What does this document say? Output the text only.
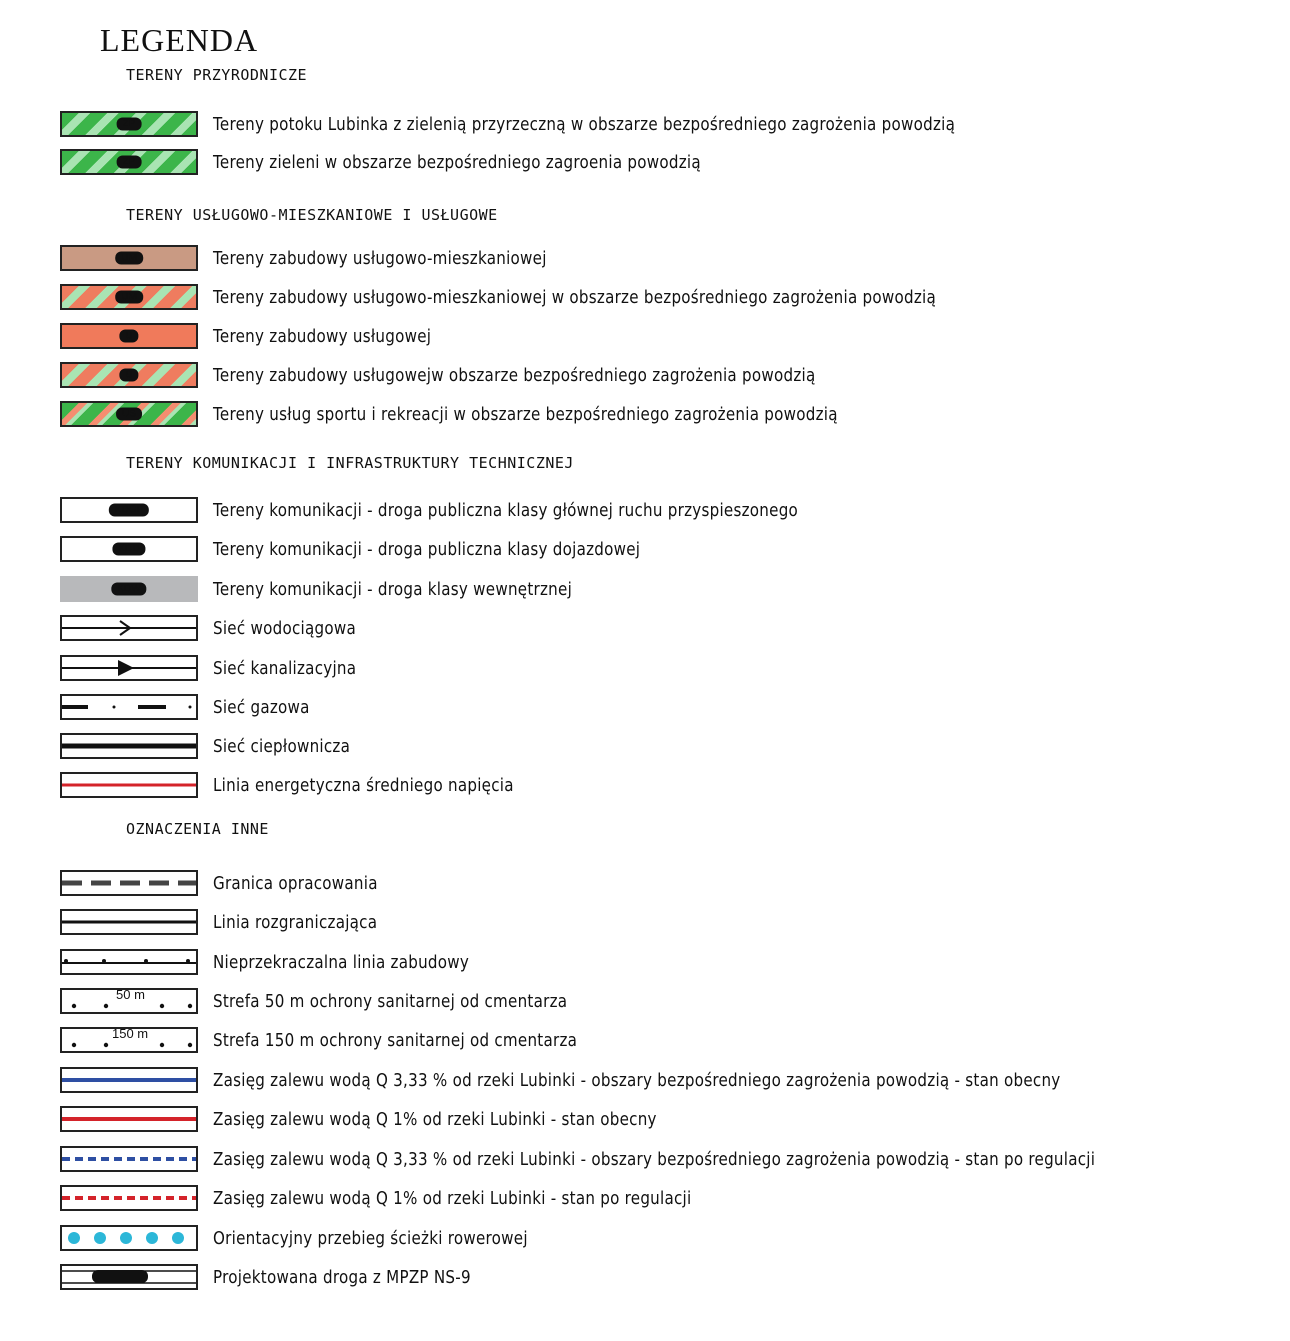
LEGENDA
TERENY PRZYRODNICZE
ZP	Tereny potoku Lubinka z zielenią przyrzeczną w obszarze bezpośredniego zagrożenia powodzią
ZP	Tereny zieleni w obszarze bezpośredniego zagroenia powodzią
TERENY USŁUGOWO-MIESZKANIOWE I USŁUGOWE
UM	Tereny zabudowy usługowo-mieszkaniowej
UM	Tereny zabudowy usługowo-mieszkaniowej w obszarze bezpośredniego zagrożenia powodzią
U	Tereny zabudowy usługowej
U	Tereny zabudowy usługowejw obszarze bezpośredniego zagrożenia powodzią
US	Tereny usług sportu i rekreacji w obszarze bezpośredniego zagrożenia powodzią
TERENY KOMUNIKACJI I INFRASTRUKTURY TECHNICZNEJ
KDGP	Tereny komunikacji - droga publiczna klasy głównej ruchu przyspieszonego
KDD	Tereny komunikacji - droga publiczna klasy dojazdowej
KDW	Tereny komunikacji - droga klasy wewnętrznej
Sieć wodociągowa
Sieć kanalizacyjna
Sieć gazowa
Sieć ciepłownicza
Linia energetyczna średniego napięcia
OZNACZENIA INNE
Granica opracowania
Linia rozgraniczająca
Nieprzekraczalna linia zabudowy
50 m	Strefa 50 m ochrony sanitarnej od cmentarza
150 m	Strefa 150 m ochrony sanitarnej od cmentarza
Zasięg zalewu wodą Q 3,33 % od rzeki Lubinki - obszary bezpośredniego zagrożenia powodzią - stan obecny
Zasięg zalewu wodą Q 1% od rzeki Lubinki - stan obecny
Zasięg zalewu wodą Q 3,33 % od rzeki Lubinki - obszary bezpośredniego zagrożenia powodzią - stan po regulacji
Zasięg zalewu wodą Q 1% od rzeki Lubinki - stan po regulacji
Orientacyjny przebieg ścieżki rowerowej
Projektowana droga z MPZP NS-9
